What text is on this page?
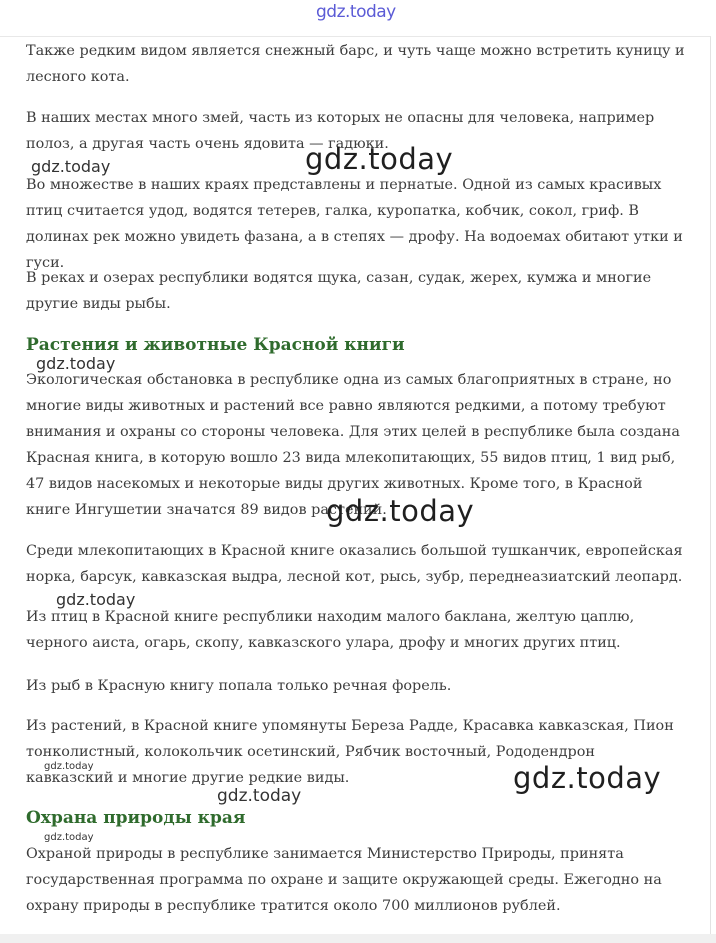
gdz.today

Также редким видом является снежный барс, и чуть чаще можно встретить куницу и лесного кота.

В наших местах много змей, часть из которых не опасны для человека, например полоз, а другая часть очень ядовита — гадюки.

Во множестве в наших краях представлены и пернатые. Одной из самых красивых птиц считается удод, водятся тетерев, галка, куропатка, кобчик, сокол, гриф. В долинах рек можно увидеть фазана, а в степях — дрофу. На водоемах обитают утки и гуси.

В реках и озерах республики водятся щука, сазан, судак, жерех, кумжа и многие другие виды рыбы.

Растения и животные Красной книги

Экологическая обстановка в республике одна из самых благоприятных в стране, но многие виды животных и растений все равно являются редкими, а потому требуют внимания и охраны со стороны человека. Для этих целей в республике была создана Красная книга, в которую вошло 23 вида млекопитающих, 55 видов птиц, 1 вид рыб, 47 видов насекомых и некоторые виды других животных. Кроме того, в Красной книге Ингушетии значатся 89 видов растений.

Среди млекопитающих в Красной книге оказались большой тушканчик, европейская норка, барсук, кавказская выдра, лесной кот, рысь, зубр, переднеазиатский леопард.

Из птиц в Красной книге республики находим малого баклана, желтую цаплю, черного аиста, огарь, скопу, кавказского улара, дрофу и многих других птиц.

Из рыб в Красную книгу попала только речная форель.

Из растений, в Красной книге упомянуты Береза Радде, Красавка кавказская, Пион тонколистный, колокольчик осетинский, Рябчик восточный, Рододендрон кавказский и многие другие редкие виды.

Охрана природы края

Охраной природы в республике занимается Министерство Природы, принята государственная программа по охране и защите окружающей среды. Ежегодно на охрану природы в республике тратится около 700 миллионов рублей.

gdz.today	gdz.today
gdz.today
gdz.today
gdz.today
gdz.today	gdz.today
gdz.today
gdz.today
